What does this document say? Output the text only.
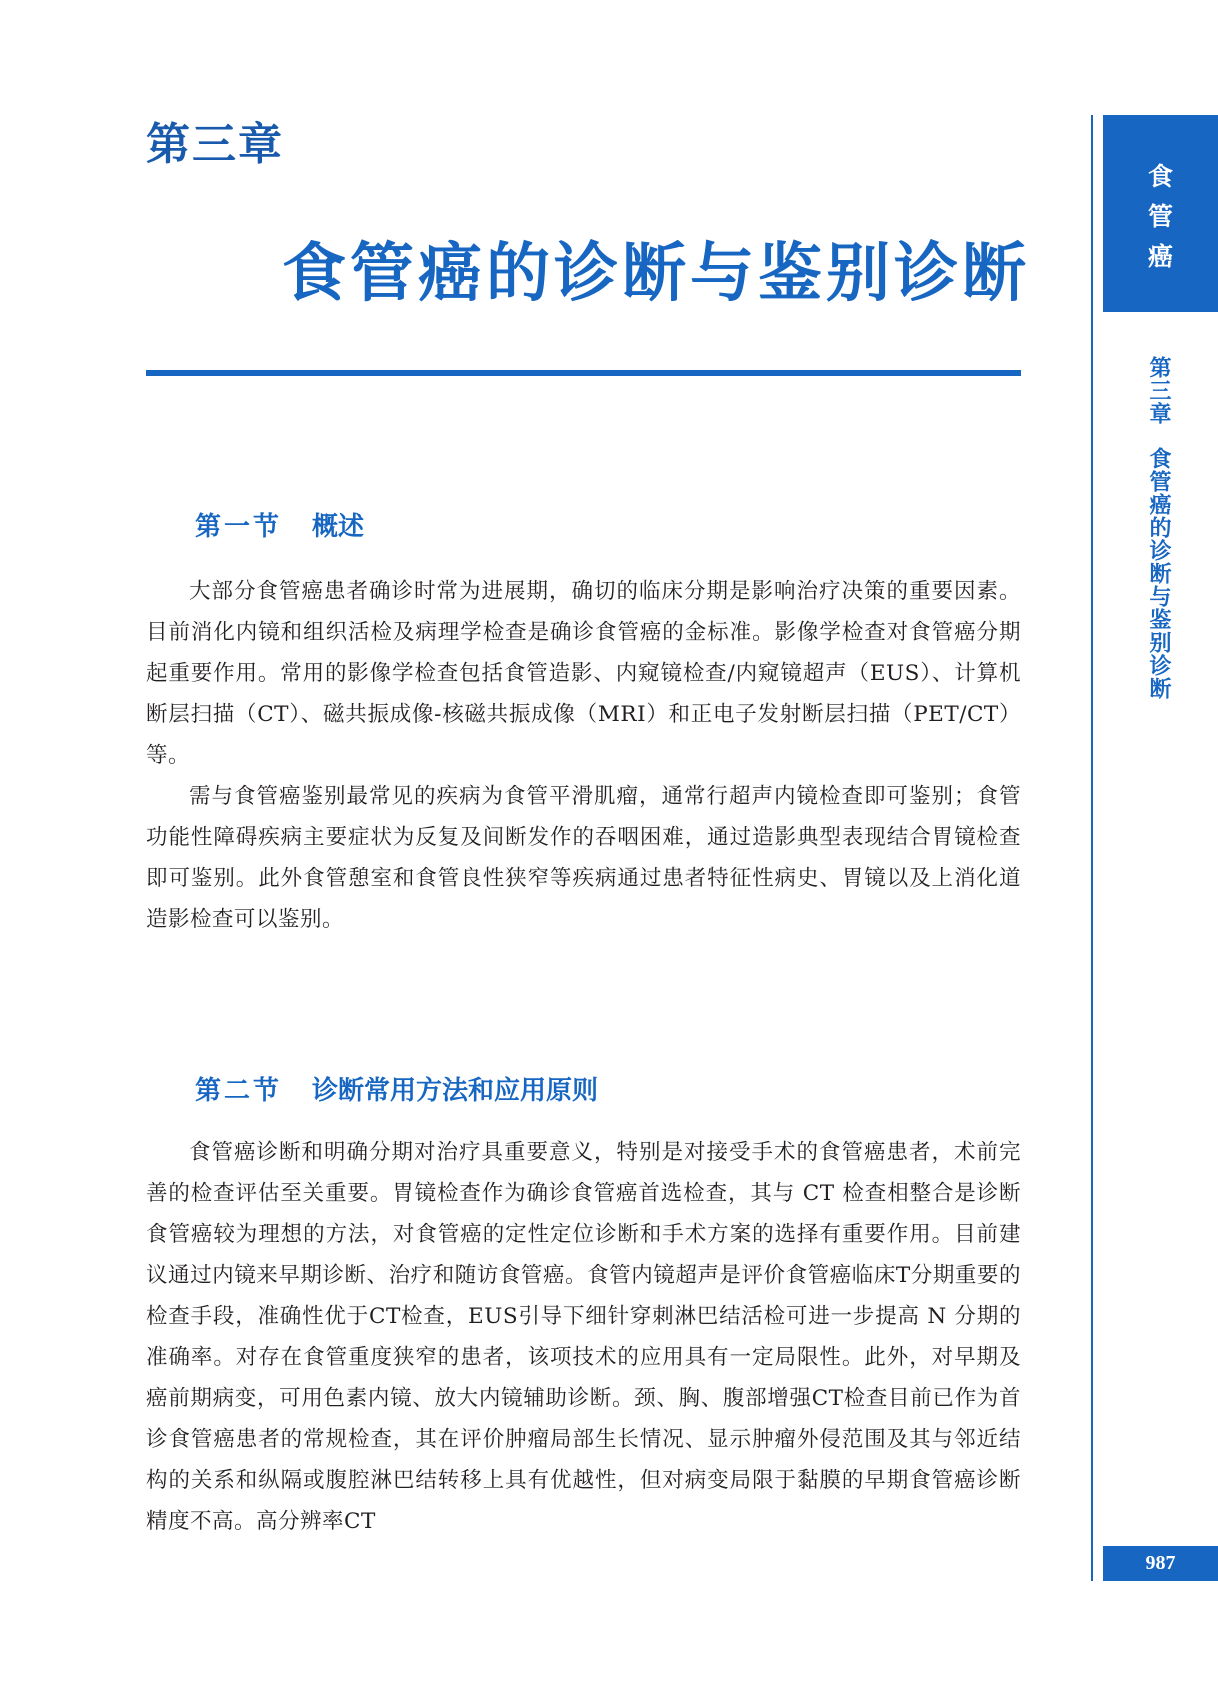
第三章
食管癌的诊断与鉴别诊断
第一节 概述

大部分食管癌患者确诊时常为进展期，确切的临床分期是影响治疗决策的重要因素。目前消化内镜和组织活检及病理学检查是确诊食管癌的金标准。影像学检查对食管癌分期起重要作用。常用的影像学检查包括食管造影、内窥镜检查/内窥镜超声（EUS）、计算机断层扫描（CT）、磁共振成像-核磁共振成像（MRI）和正电子发射断层扫描（PET/CT）等。

需与食管癌鉴别最常见的疾病为食管平滑肌瘤，通常行超声内镜检查即可鉴别；食管功能性障碍疾病主要症状为反复及间断发作的吞咽困难，通过造影典型表现结合胃镜检查即可鉴别。此外食管憩室和食管良性狭窄等疾病通过患者特征性病史、胃镜以及上消化道造影检查可以鉴别。

第二节 诊断常用方法和应用原则

食管癌诊断和明确分期对治疗具重要意义，特别是对接受手术的食管癌患者，术前完善的检查评估至关重要。胃镜检查作为确诊食管癌首选检查，其与 CT 检查相整合是诊断食管癌较为理想的方法，对食管癌的定性定位诊断和手术方案的选择有重要作用。目前建议通过内镜来早期诊断、治疗和随访食管癌。食管内镜超声是评价食管癌临床T分期重要的检查手段，准确性优于CT检查，EUS引导下细针穿刺淋巴结活检可进一步提高 N 分期的准确率。对存在食管重度狭窄的患者，该项技术的应用具有一定局限性。此外，对早期及癌前期病变，可用色素内镜、放大内镜辅助诊断。颈、胸、腹部增强CT检查目前已作为首诊食管癌患者的常规检查，其在评价肿瘤局部生长情况、显示肿瘤外侵范围及其与邻近结构的关系和纵隔或腹腔淋巴结转移上具有优越性，但对病变局限于黏膜的早期食管癌诊断精度不高。高分辨率CT

食
管
癌
第三章食管癌的诊断与鉴别诊断
987
